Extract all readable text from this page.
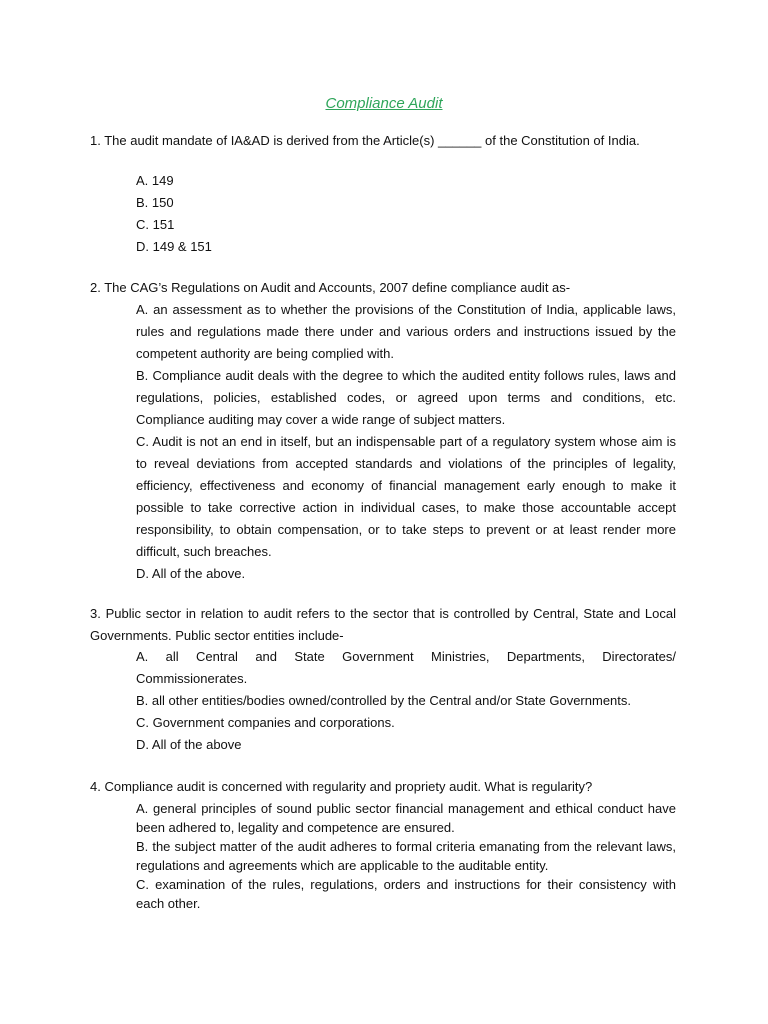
Compliance Audit
1. The audit mandate of IA&AD is derived from the Article(s) ______ of the Constitution of India.
A. 149
B. 150
C. 151
D. 149 & 151
2. The CAG’s Regulations on Audit and Accounts, 2007 define compliance audit as-
A. an assessment as to whether the provisions of the Constitution of India, applicable laws, rules and regulations made there under and various orders and instructions issued by the competent authority are being complied with.
B. Compliance audit deals with the degree to which the audited entity follows rules, laws and regulations, policies, established codes, or agreed upon terms and conditions, etc. Compliance auditing may cover a wide range of subject matters.
C. Audit is not an end in itself, but an indispensable part of a regulatory system whose aim is to reveal deviations from accepted standards and violations of the principles of legality, efficiency, effectiveness and economy of financial management early enough to make it possible to take corrective action in individual cases, to make those accountable accept responsibility, to obtain compensation, or to take steps to prevent or at least render more difficult, such breaches.
D. All of the above.
3. Public sector in relation to audit refers to the sector that is controlled by Central, State and Local Governments. Public sector entities include-
A. all Central and State Government Ministries, Departments, Directorates/ Commissionerates.
B. all other entities/bodies owned/controlled by the Central and/or State Governments.
C. Government companies and corporations.
D. All of the above
4. Compliance audit is concerned with regularity and propriety audit. What is regularity?
A. general principles of sound public sector financial management and ethical conduct have been adhered to, legality and competence are ensured.
B. the subject matter of the audit adheres to formal criteria emanating from the relevant laws, regulations and agreements which are applicable to the auditable entity.
C. examination of the rules, regulations, orders and instructions for their consistency with each other.
